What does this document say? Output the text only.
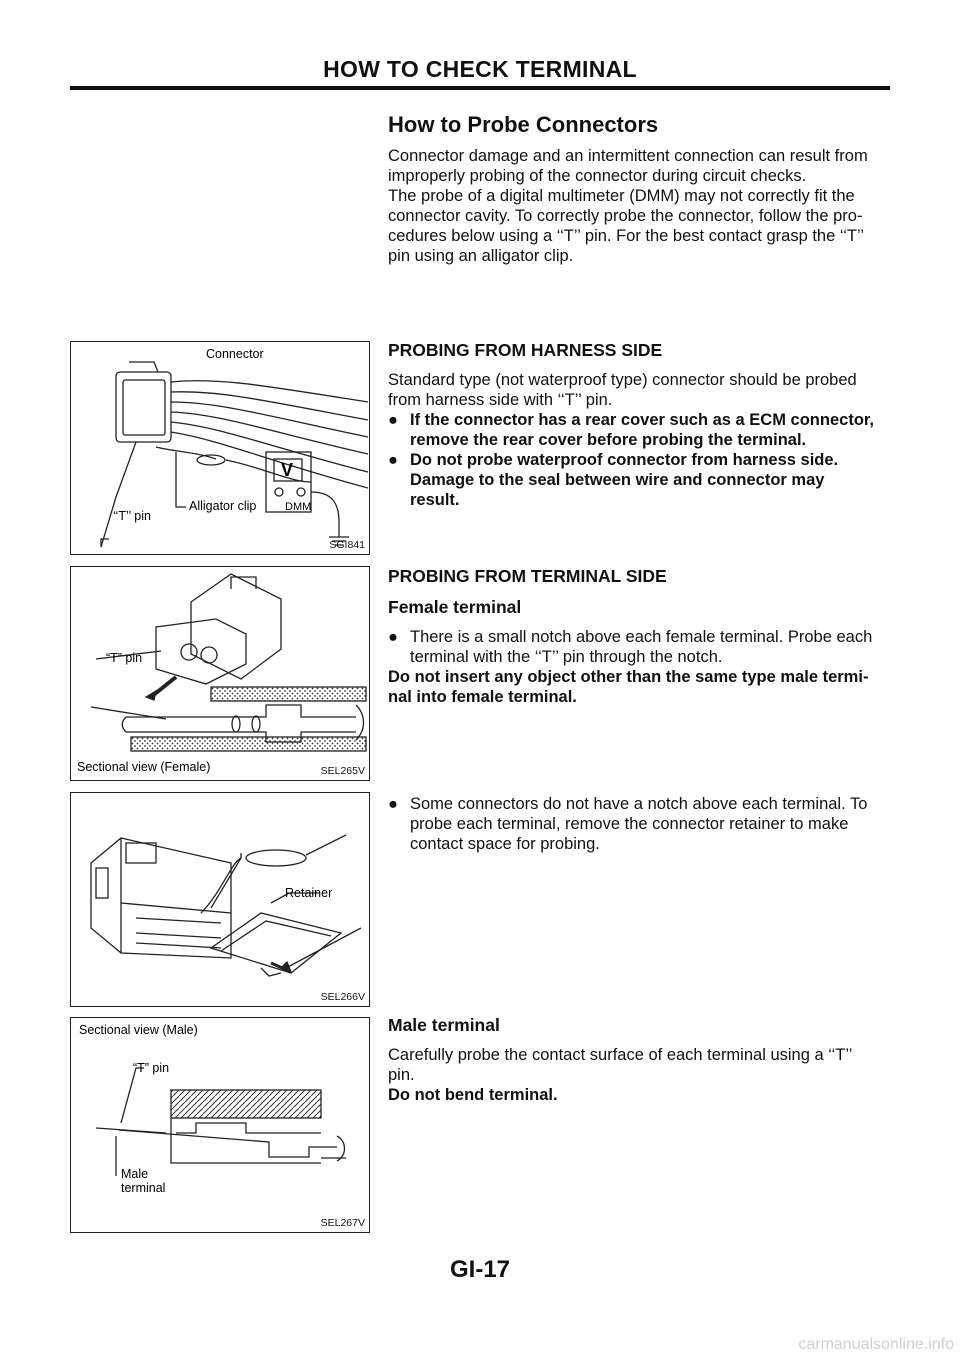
HOW TO CHECK TERMINAL

How to Probe Connectors

Connector damage and an intermittent connection can result from

improperly probing of the connector during circuit checks.

The probe of a digital multimeter (DMM) may not correctly fit the

connector cavity. To correctly probe the connector, follow the pro-

cedures below using a ‘‘T’’ pin. For the best contact grasp the ‘‘T’’

pin using an alligator clip.

Connector
V
DMM
Alligator clip
‘‘T’’ pin
SGI841

PROBING FROM HARNESS SIDE

Standard type (not waterproof type) connector should be probed

from harness side with ‘‘T’’ pin.

● If the connector has a rear cover such as a ECM connector,
remove the rear cover before probing the terminal.
● Do not probe waterproof connector from harness side.
Damage to the seal between wire and connector may
result.
“T” pin
Sectional view (Female)	SEL265V

PROBING FROM TERMINAL SIDE

Female terminal

● There is a small notch above each female terminal. Probe each
terminal with the ‘‘T’’ pin through the notch.

Do not insert any object other than the same type male termi-

nal into female terminal.

Retainer
SEL266V
● Some connectors do not have a notch above each terminal. To
probe each terminal, remove the connector retainer to make
contact space for probing.
Sectional view (Male)
“T” pin
Male
terminal
SEL267V

Male terminal

Carefully probe the contact surface of each terminal using a ‘‘T’’

pin.

Do not bend terminal.

GI-17
carmanualsonline.info
